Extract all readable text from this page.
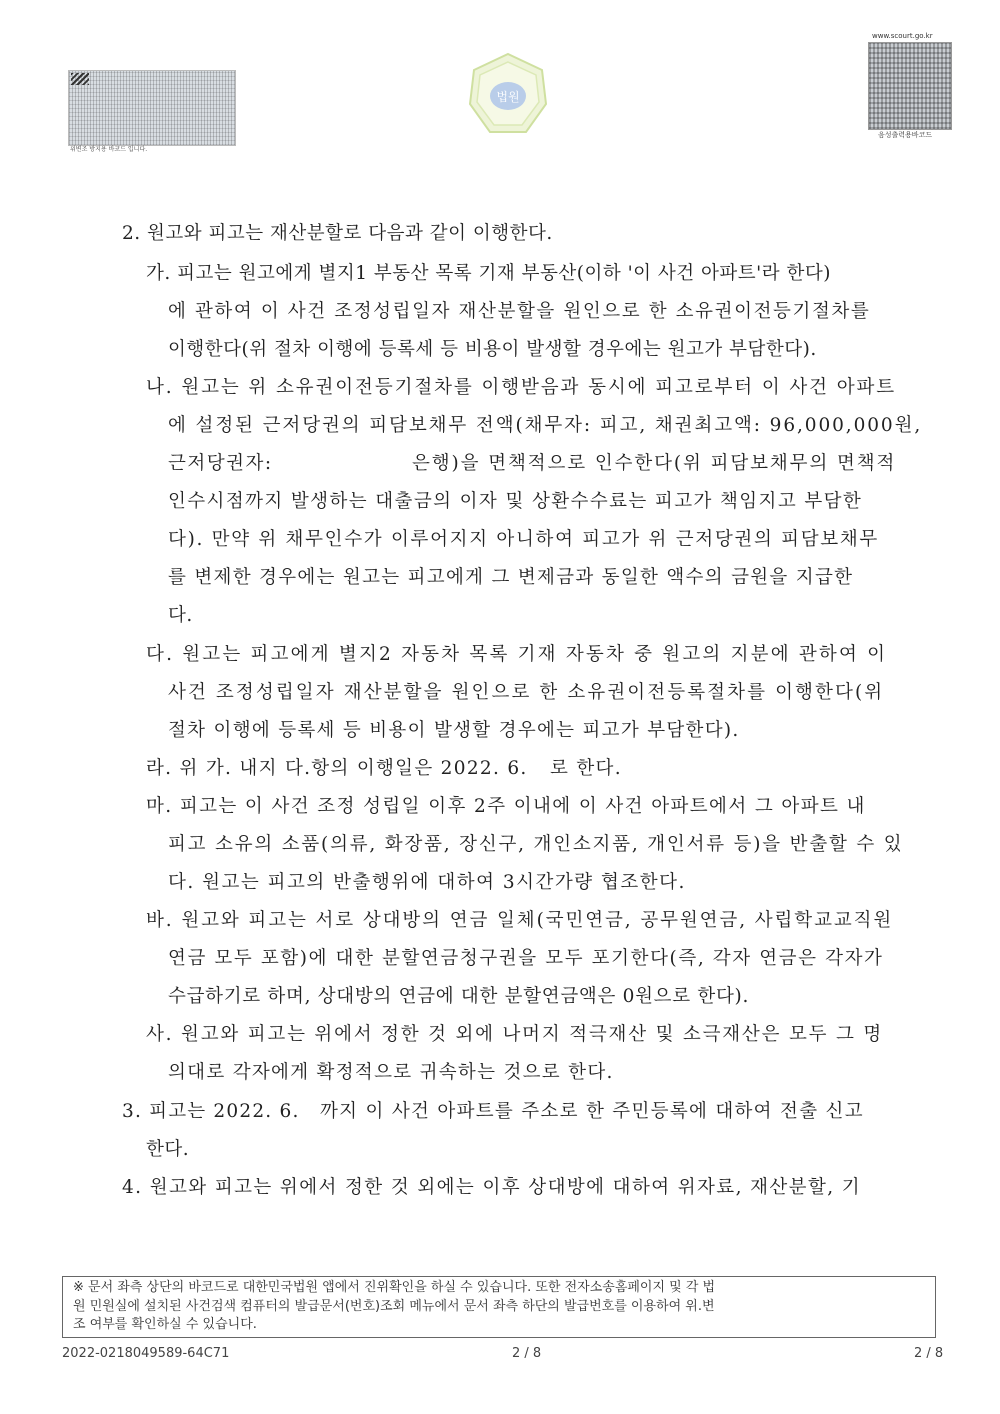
위변조 방지용 바코드 입니다.
법원
www.scourt.go.kr
음성출력용바코드
2. 원고와 피고는 재산분할로 다음과 같이 이행한다.
가. 피고는 원고에게 별지1 부동산 목록 기재 부동산(이하 '이 사건 아파트'라 한다)
에 관하여 이 사건 조정성립일자 재산분할을 원인으로 한 소유권이전등기절차를
이행한다(위 절차 이행에 등록세 등 비용이 발생할 경우에는 원고가 부담한다).
나. 원고는 위 소유권이전등기절차를 이행받음과 동시에 피고로부터 이 사건 아파트
에 설정된 근저당권의 피담보채무 전액(채무자: 피고, 채권최고액: 96,000,000원,
근저당권자:	은행)을 면책적으로 인수한다(위 피담보채무의 면책적
인수시점까지 발생하는 대출금의 이자 및 상환수수료는 피고가 책임지고 부담한
다). 만약 위 채무인수가 이루어지지 아니하여 피고가 위 근저당권의 피담보채무
를 변제한 경우에는 원고는 피고에게 그 변제금과 동일한 액수의 금원을 지급한
다.
다. 원고는 피고에게 별지2 자동차 목록 기재 자동차 중 원고의 지분에 관하여 이
사건 조정성립일자 재산분할을 원인으로 한 소유권이전등록절차를 이행한다(위
절차 이행에 등록세 등 비용이 발생할 경우에는 피고가 부담한다).
라. 위 가. 내지 다.항의 이행일은 2022. 6. 로 한다.
마. 피고는 이 사건 조정 성립일 이후 2주 이내에 이 사건 아파트에서 그 아파트 내
피고 소유의 소품(의류, 화장품, 장신구, 개인소지품, 개인서류 등)을 반출할 수 있
다. 원고는 피고의 반출행위에 대하여 3시간가량 협조한다.
바. 원고와 피고는 서로 상대방의 연금 일체(국민연금, 공무원연금, 사립학교교직원
연금 모두 포함)에 대한 분할연금청구권을 모두 포기한다(즉, 각자 연금은 각자가
수급하기로 하며, 상대방의 연금에 대한 분할연금액은 0원으로 한다).
사. 원고와 피고는 위에서 정한 것 외에 나머지 적극재산 및 소극재산은 모두 그 명
의대로 각자에게 확정적으로 귀속하는 것으로 한다.
3. 피고는 2022. 6. 까지 이 사건 아파트를 주소로 한 주민등록에 대하여 전출 신고
한다.
4. 원고와 피고는 위에서 정한 것 외에는 이후 상대방에 대하여 위자료, 재산분할, 기
※ 문서 좌측 상단의 바코드로 대한민국법원 앱에서 진위확인을 하실 수 있습니다. 또한 전자소송홈페이지 및 각 법
원 민원실에 설치된 사건검색 컴퓨터의 발급문서(번호)조회 메뉴에서 문서 좌측 하단의 발급번호를 이용하여 위.변
조 여부를 확인하실 수 있습니다.
2022-0218049589-64C71	2 / 8	2 / 8
